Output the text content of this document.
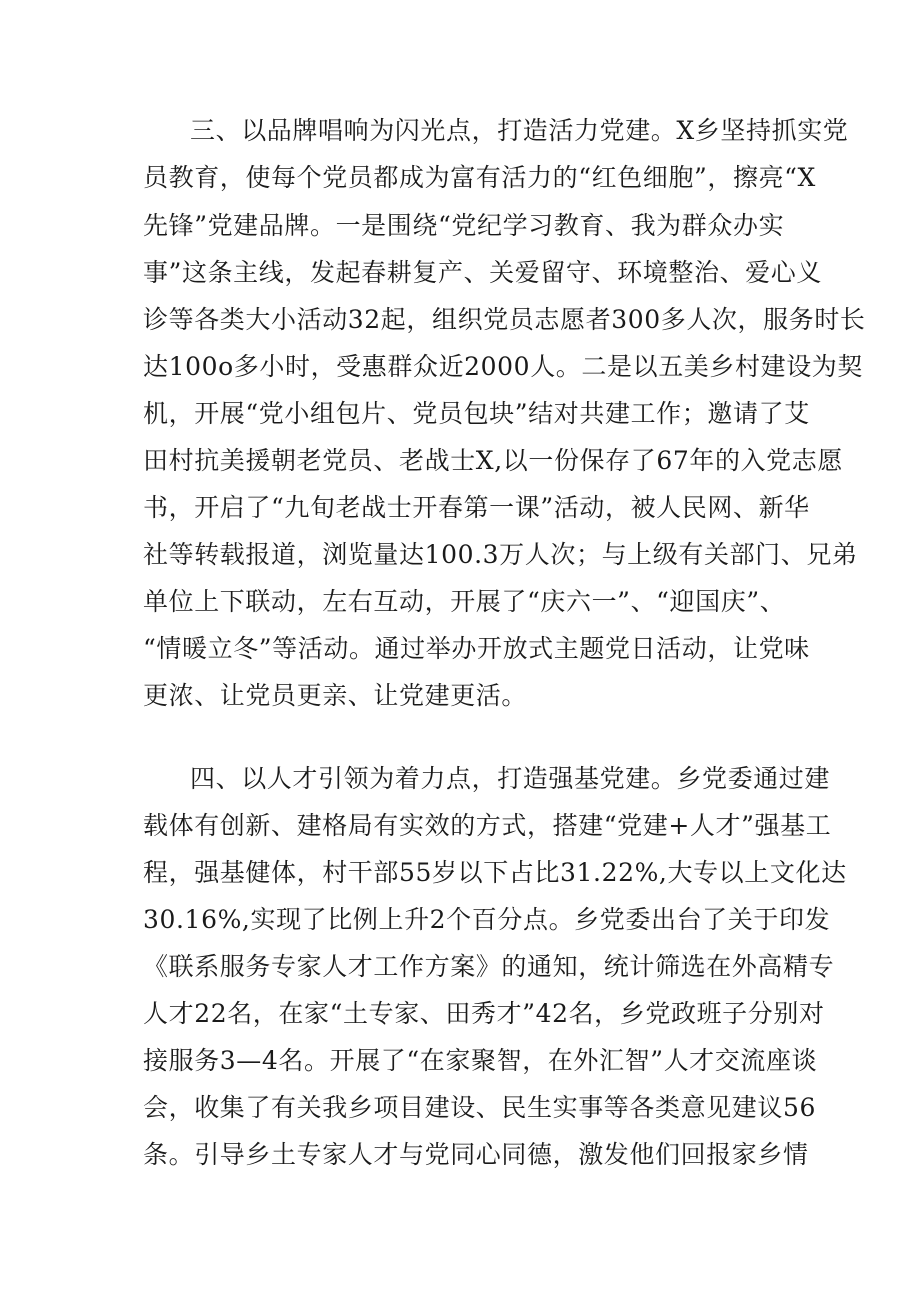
三、以品牌唱响为闪光点，打造活力党建。X乡坚持抓实党
员教育，使每个党员都成为富有活力的“红色细胞”，擦亮“X
先锋”党建品牌。一是围绕“党纪学习教育、我为群众办实
事”这条主线，发起春耕复产、关爱留守、环境整治、爱心义
诊等各类大小活动32起，组织党员志愿者300多人次，服务时长
达100o多小时，受惠群众近2000人。二是以五美乡村建设为契
机，开展“党小组包片、党员包块”结对共建工作；邀请了艾
田村抗美援朝老党员、老战士X,以一份保存了67年的入党志愿
书，开启了“九旬老战士开春第一课”活动，被人民网、新华
社等转载报道，浏览量达100.3万人次；与上级有关部门、兄弟
单位上下联动，左右互动，开展了“庆六一”、“迎国庆”、
“情暖立冬”等活动。通过举办开放式主题党日活动，让党味
更浓、让党员更亲、让党建更活。
四、以人才引领为着力点，打造强基党建。乡党委通过建
载体有创新、建格局有实效的方式，搭建“党建+人才”强基工
程，强基健体，村干部55岁以下占比31.22%,大专以上文化达
30.16%,实现了比例上升2个百分点。乡党委出台了关于印发
《联系服务专家人才工作方案》的通知，统计筛选在外高精专
人才22名，在家“土专家、田秀才”42名，乡党政班子分别对
接服务3—4名。开展了“在家聚智，在外汇智”人才交流座谈
会，收集了有关我乡项目建设、民生实事等各类意见建议56
条。引导乡土专家人才与党同心同德，激发他们回报家乡情
